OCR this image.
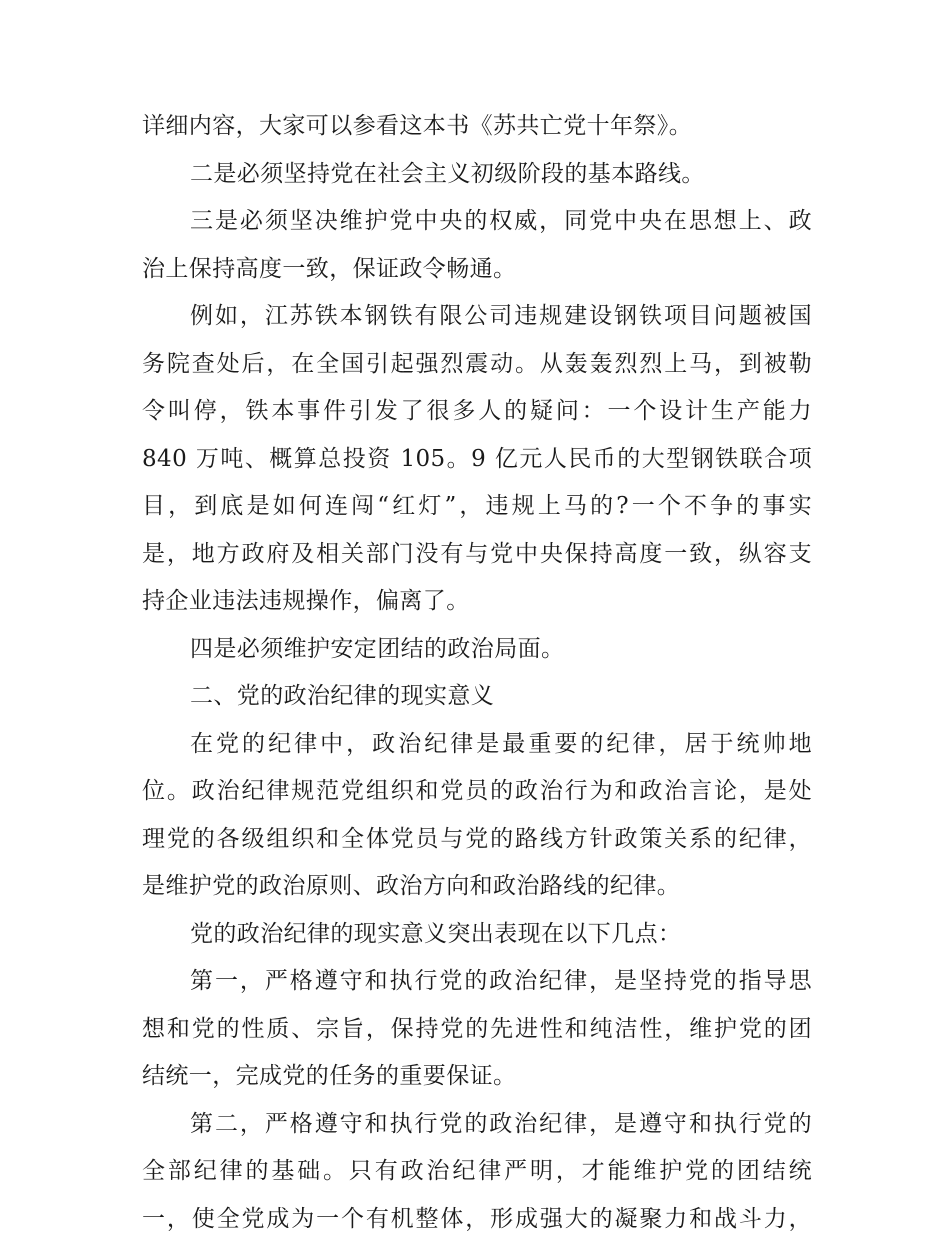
详细内容，大家可以参看这本书《苏共亡党十年祭》。
二是必须坚持党在社会主义初级阶段的基本路线。
三是必须坚决维护党中央的权威，同党中央在思想上、政
治上保持高度一致，保证政令畅通。
例如，江苏铁本钢铁有限公司违规建设钢铁项目问题被国
务院查处后，在全国引起强烈震动。从轰轰烈烈上马，到被勒
令叫停，铁本事件引发了很多人的疑问：一个设计生产能力
840 万吨、概算总投资 105。9 亿元人民币的大型钢铁联合项
目，到底是如何连闯“红灯”，违规上马的?一个不争的事实
是，地方政府及相关部门没有与党中央保持高度一致，纵容支
持企业违法违规操作，偏离了。
四是必须维护安定团结的政治局面。
二、党的政治纪律的现实意义
在党的纪律中，政治纪律是最重要的纪律，居于统帅地
位。政治纪律规范党组织和党员的政治行为和政治言论，是处
理党的各级组织和全体党员与党的路线方针政策关系的纪律，
是维护党的政治原则、政治方向和政治路线的纪律。
党的政治纪律的现实意义突出表现在以下几点：
第一，严格遵守和执行党的政治纪律，是坚持党的指导思
想和党的性质、宗旨，保持党的先进性和纯洁性，维护党的团
结统一，完成党的任务的重要保证。
第二，严格遵守和执行党的政治纪律，是遵守和执行党的
全部纪律的基础。只有政治纪律严明，才能维护党的团结统
一，使全党成为一个有机整体，形成强大的凝聚力和战斗力，
